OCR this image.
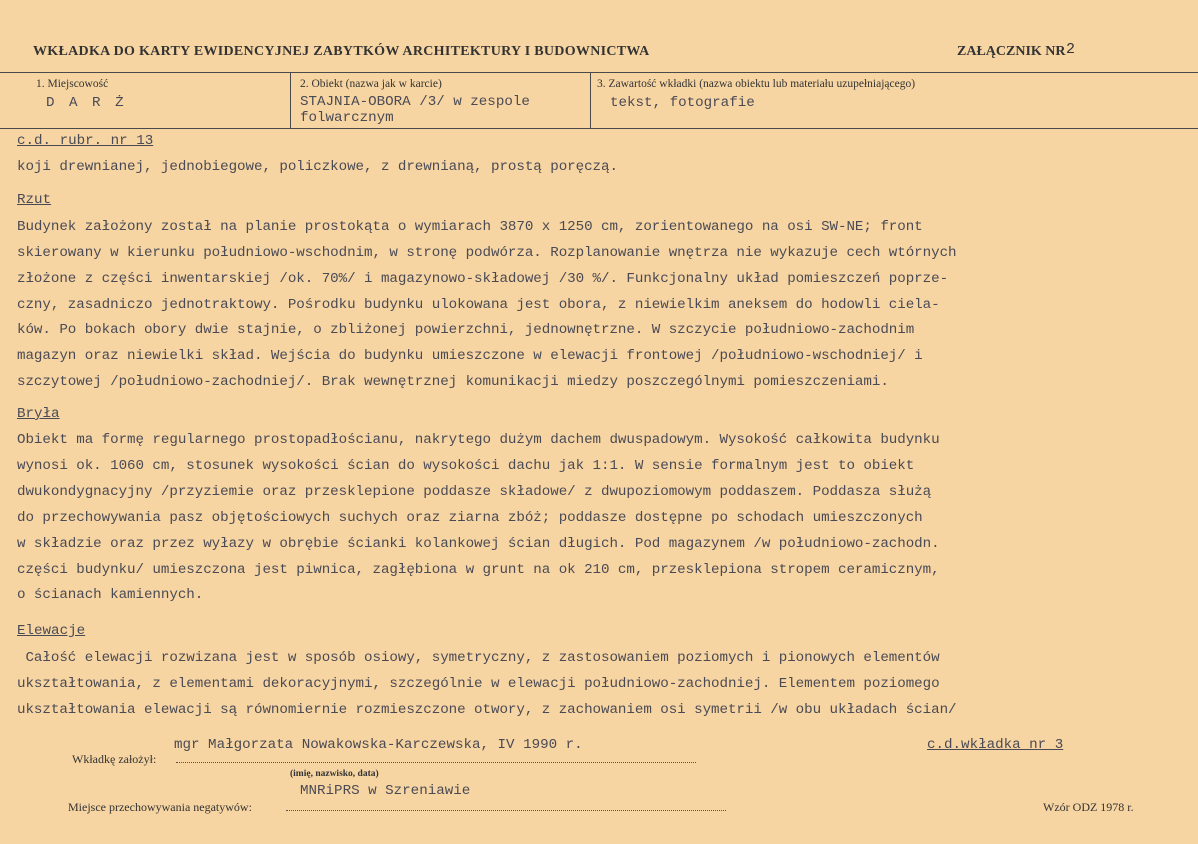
WKŁADKA DO KARTY EWIDENCYJNEJ ZABYTKÓW ARCHITEKTURY I BUDOWNICTWA	ZAŁĄCZNIK NR 2
1. Miejscowość
D A R Ż
2. Obiekt (nazwa jak w karcie)
STAJNIA-OBORA /3/ w zespole
folwarcznym
3. Zawartość wkładki (nazwa obiektu lub materiału uzupełniającego)
tekst, fotografie
c.d. rubr. nr 13
koji drewnianej, jednobiegowe, policzkowe, z drewnianą, prostą poręczą.
Rzut
Budynek założony został na planie prostokąta o wymiarach 3870 x 1250 cm, zorientowanego na osi SW-NE; front
skierowany w kierunku południowo-wschodnim, w stronę podwórza. Rozplanowanie wnętrza nie wykazuje cech wtórnych
złożone z części inwentarskiej /ok. 70%/ i magazynowo-składowej /30 %/. Funkcjonalny układ pomieszczeń poprze-
czny, zasadniczo jednotraktowy. Pośrodku budynku ulokowana jest obora, z niewielkim aneksem do hodowli ciela-
ków. Po bokach obory dwie stajnie, o zbliżonej powierzchni, jednownętrzne. W szczycie południowo-zachodnim
magazyn oraz niewielki skład. Wejścia do budynku umieszczone w elewacji frontowej /południowo-wschodniej/ i
szczytowej /południowo-zachodniej/. Brak wewnętrznej komunikacji miedzy poszczególnymi pomieszczeniami.
Bryła
Obiekt ma formę regularnego prostopadłościanu, nakrytego dużym dachem dwuspadowym. Wysokość całkowita budynku
wynosi ok. 1060 cm, stosunek wysokości ścian do wysokości dachu jak 1:1. W sensie formalnym jest to obiekt
dwukondygnacyjny /przyziemie oraz przesklepione poddasze składowe/ z dwupoziomowym poddaszem. Poddasza służą
do przechowywania pasz objętościowych suchych oraz ziarna zbóż; poddasze dostępne po schodach umieszczonych
w składzie oraz przez wyłazy w obrębie ścianki kolankowej ścian długich. Pod magazynem /w południowo-zachodn.
części budynku/ umieszczona jest piwnica, zagłębiona w grunt na ok 210 cm, przesklepiona stropem ceramicznym,
o ścianach kamiennych.
Elewacje
Całość elewacji rozwizana jest w sposób osiowy, symetryczny, z zastosowaniem poziomych i pionowych elementów
ukształtowania, z elementami dekoracyjnymi, szczególnie w elewacji południowo-zachodniej. Elementem poziomego
ukształtowania elewacji są równomiernie rozmieszczone otwory, z zachowaniem osi symetrii /w obu układach ścian/
Wkładkę założył:
mgr Małgorzata Nowakowska-Karczewska, IV 1990 r.
(imię, nazwisko, data)
c.d.wkładka nr 3
Miejsce przechowywania negatywów:
MNRiPRS w Szreniawie
Wzór ODZ 1978 r.
